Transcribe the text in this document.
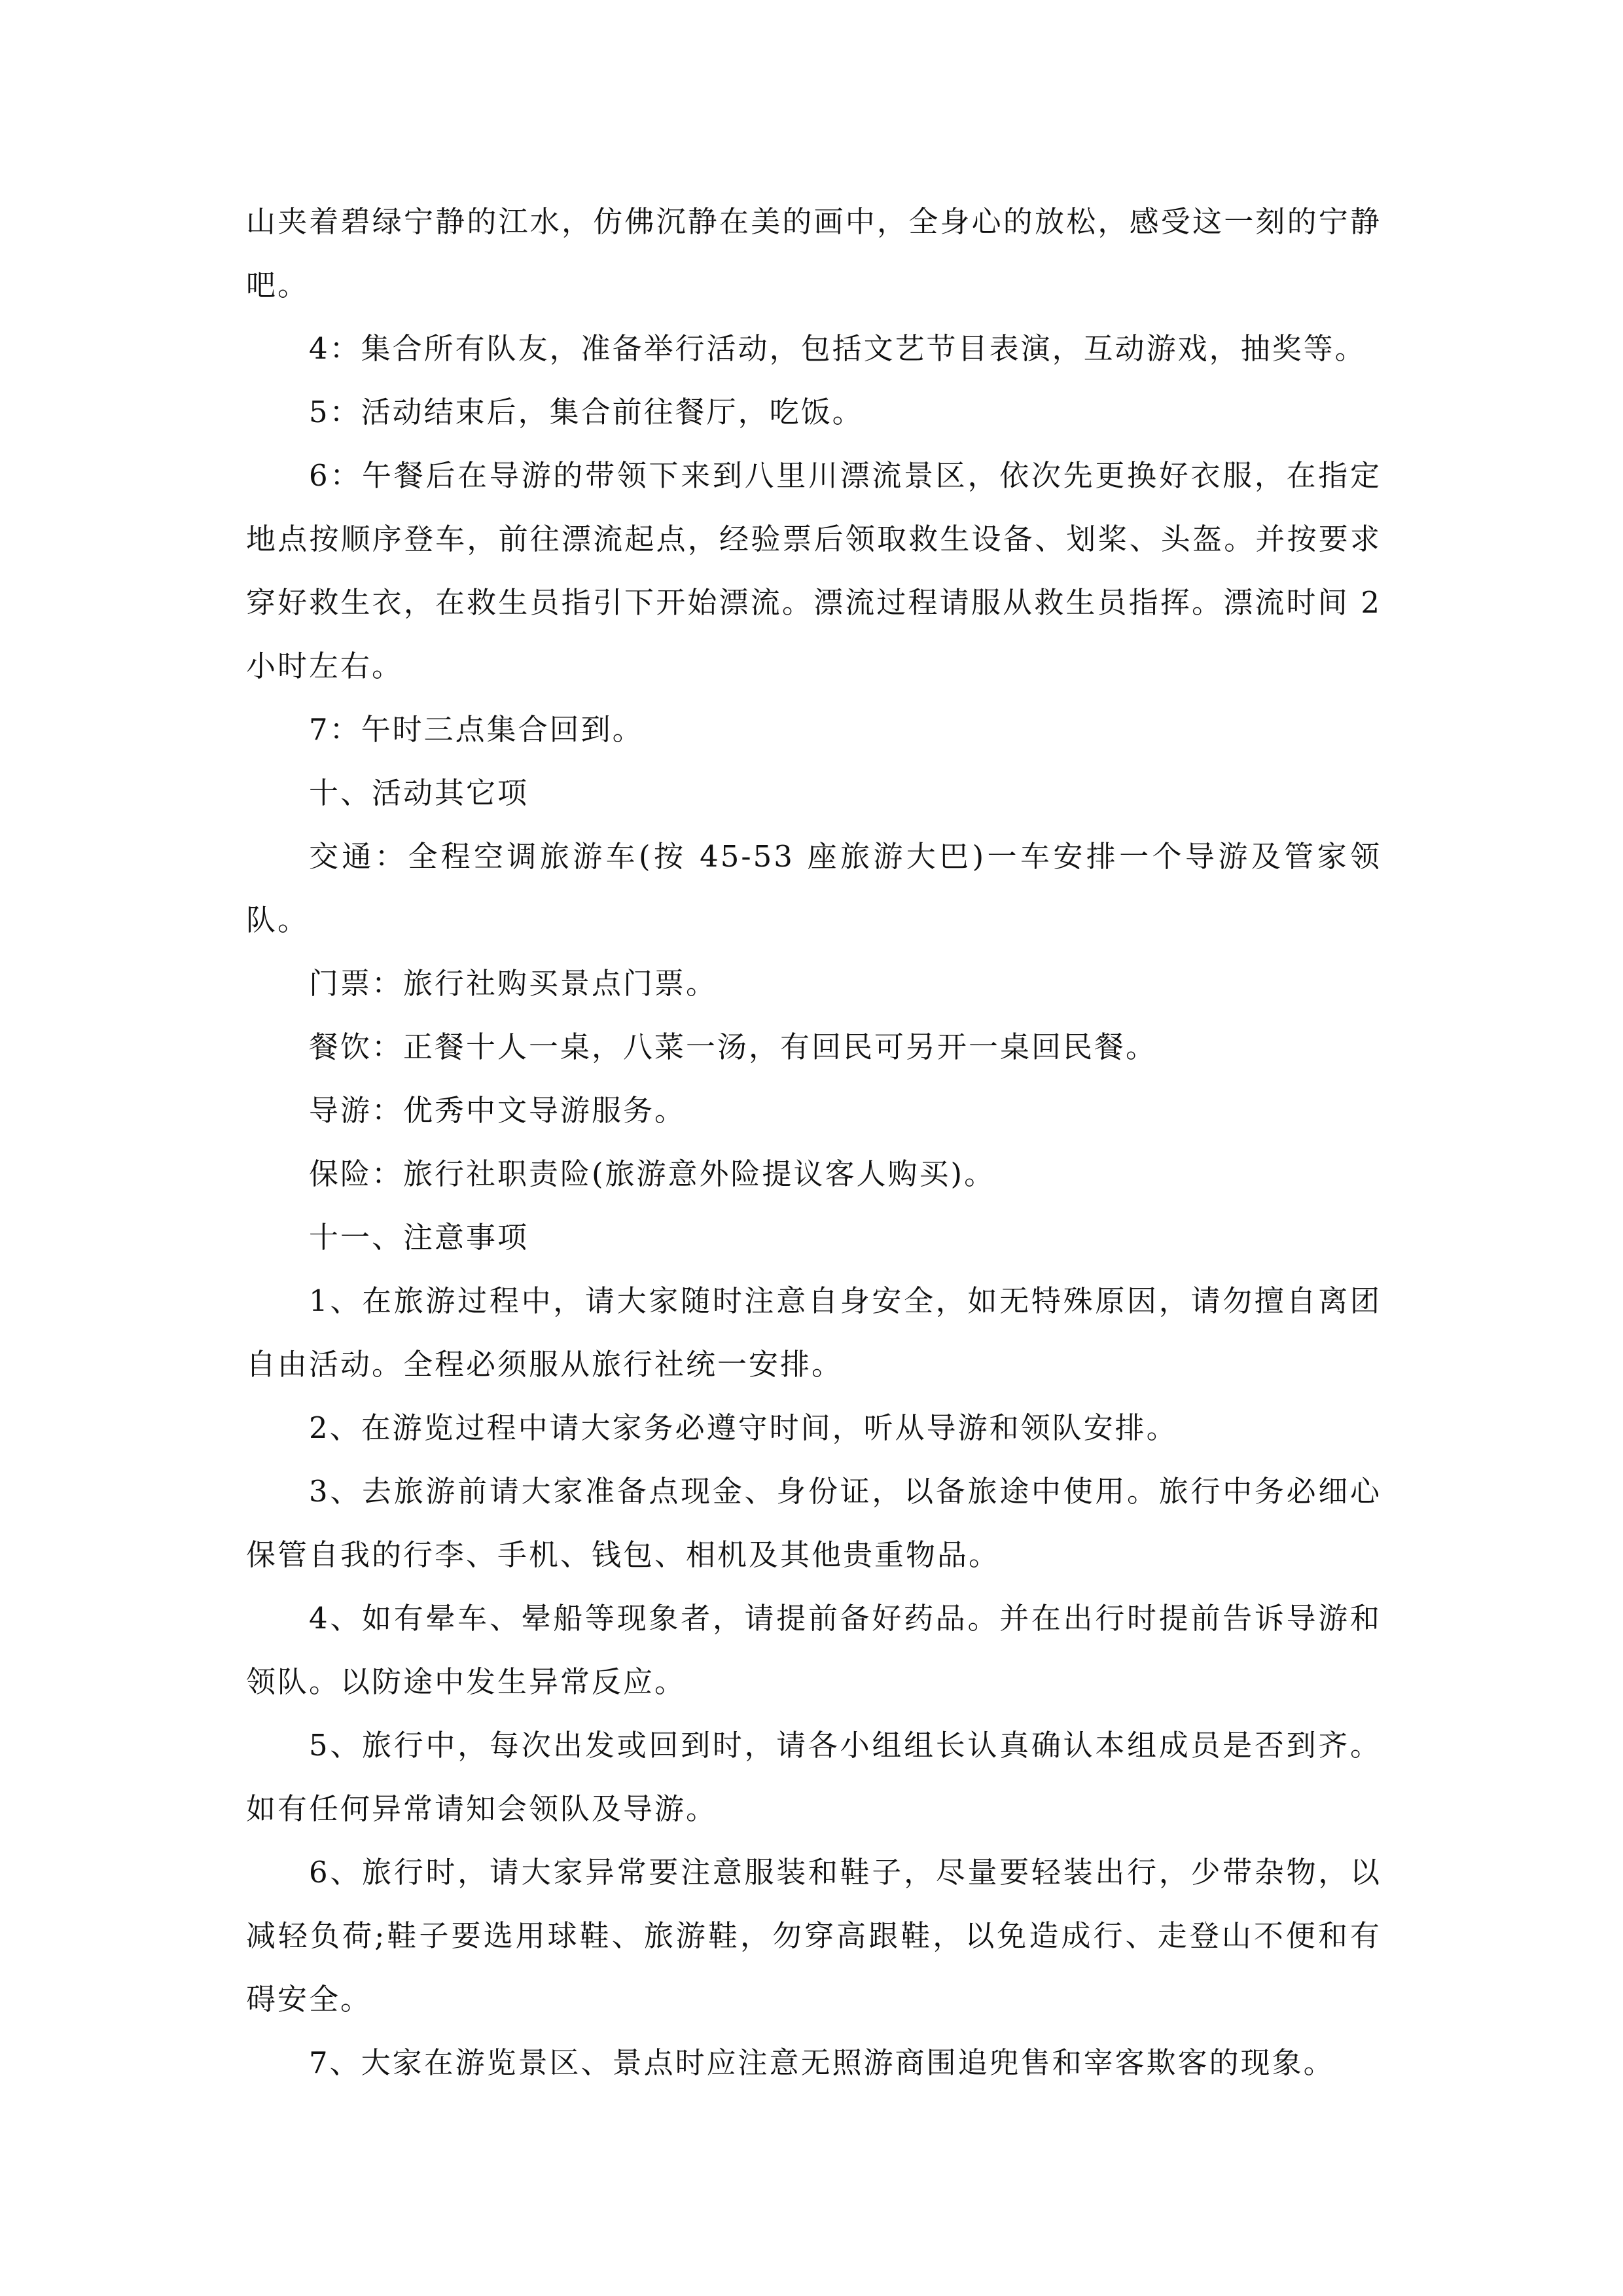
山夹着碧绿宁静的江水，仿佛沉静在美的画中，全身心的放松，感受这一刻的宁静吧。

4：集合所有队友，准备举行活动，包括文艺节目表演，互动游戏，抽奖等。

5：活动结束后，集合前往餐厅，吃饭。

6：午餐后在导游的带领下来到八里川漂流景区，依次先更换好衣服，在指定地点按顺序登车，前往漂流起点，经验票后领取救生设备、划桨、头盔。并按要求穿好救生衣，在救生员指引下开始漂流。漂流过程请服从救生员指挥。漂流时间 2 小时左右。

7：午时三点集合回到。

十、活动其它项

交通：全程空调旅游车(按 45-53 座旅游大巴)一车安排一个导游及管家领队。

门票：旅行社购买景点门票。

餐饮：正餐十人一桌，八菜一汤，有回民可另开一桌回民餐。

导游：优秀中文导游服务。

保险：旅行社职责险(旅游意外险提议客人购买)。

十一、注意事项

1、在旅游过程中，请大家随时注意自身安全，如无特殊原因，请勿擅自离团自由活动。全程必须服从旅行社统一安排。

2、在游览过程中请大家务必遵守时间，听从导游和领队安排。

3、去旅游前请大家准备点现金、身份证，以备旅途中使用。旅行中务必细心保管自我的行李、手机、钱包、相机及其他贵重物品。

4、如有晕车、晕船等现象者，请提前备好药品。并在出行时提前告诉导游和领队。以防途中发生异常反应。

5、旅行中，每次出发或回到时，请各小组组长认真确认本组成员是否到齐。如有任何异常请知会领队及导游。

6、旅行时，请大家异常要注意服装和鞋子，尽量要轻装出行，少带杂物，以减轻负荷;鞋子要选用球鞋、旅游鞋，勿穿高跟鞋，以免造成行、走登山不便和有碍安全。

7、大家在游览景区、景点时应注意无照游商围追兜售和宰客欺客的现象。
